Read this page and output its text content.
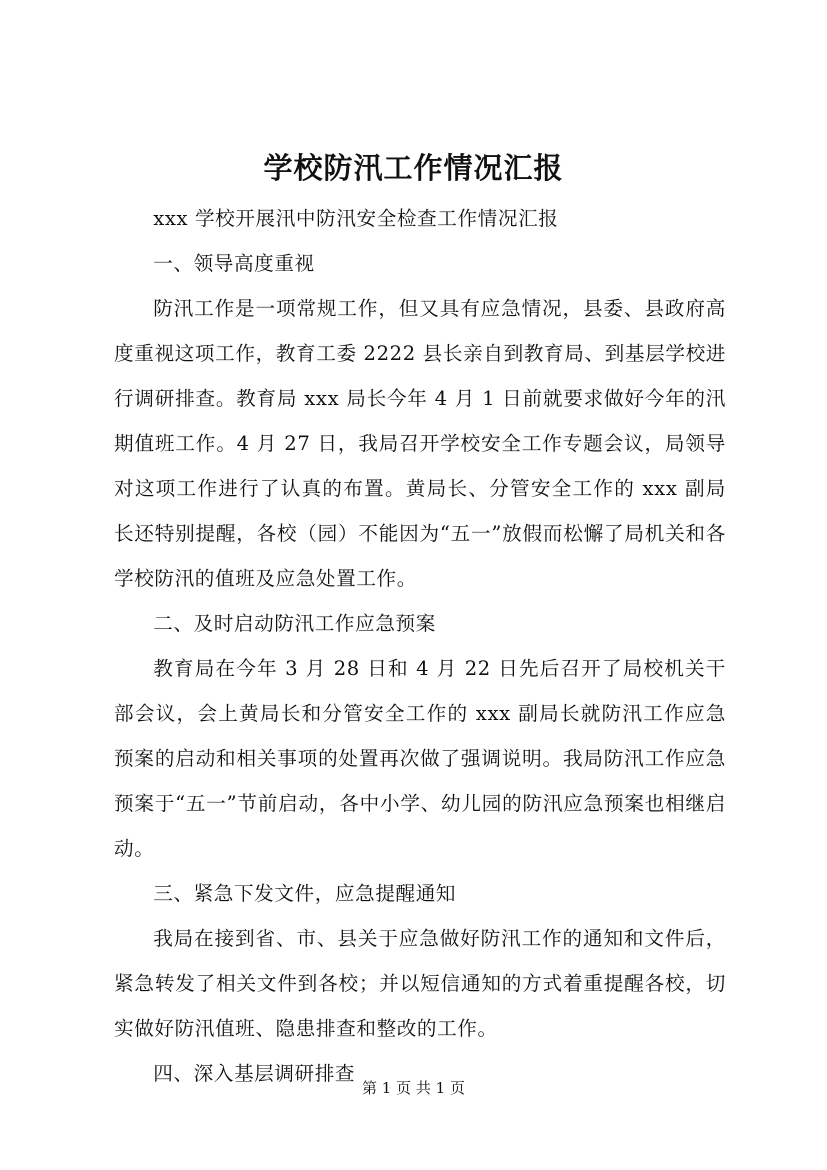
学校防汛工作情况汇报

xxx 学校开展汛中防汛安全检查工作情况汇报

一、领导高度重视

防汛工作是一项常规工作，但又具有应急情况，县委、县政府高度重视这项工作，教育工委 2222 县长亲自到教育局、到基层学校进行调研排查。教育局 xxx 局长今年 4 月 1 日前就要求做好今年的汛期值班工作。4 月 27 日，我局召开学校安全工作专题会议，局领导对这项工作进行了认真的布置。黄局长、分管安全工作的 xxx 副局长还特别提醒，各校（园）不能因为“五一”放假而松懈了局机关和各学校防汛的值班及应急处置工作。

二、及时启动防汛工作应急预案

教育局在今年 3 月 28 日和 4 月 22 日先后召开了局校机关干部会议，会上黄局长和分管安全工作的 xxx 副局长就防汛工作应急预案的启动和相关事项的处置再次做了强调说明。我局防汛工作应急预案于“五一”节前启动，各中小学、幼儿园的防汛应急预案也相继启动。

三、紧急下发文件，应急提醒通知

我局在接到省、市、县关于应急做好防汛工作的通知和文件后，紧急转发了相关文件到各校；并以短信通知的方式着重提醒各校，切实做好防汛值班、隐患排查和整改的工作。

四、深入基层调研排查

第 1 页 共 1 页
